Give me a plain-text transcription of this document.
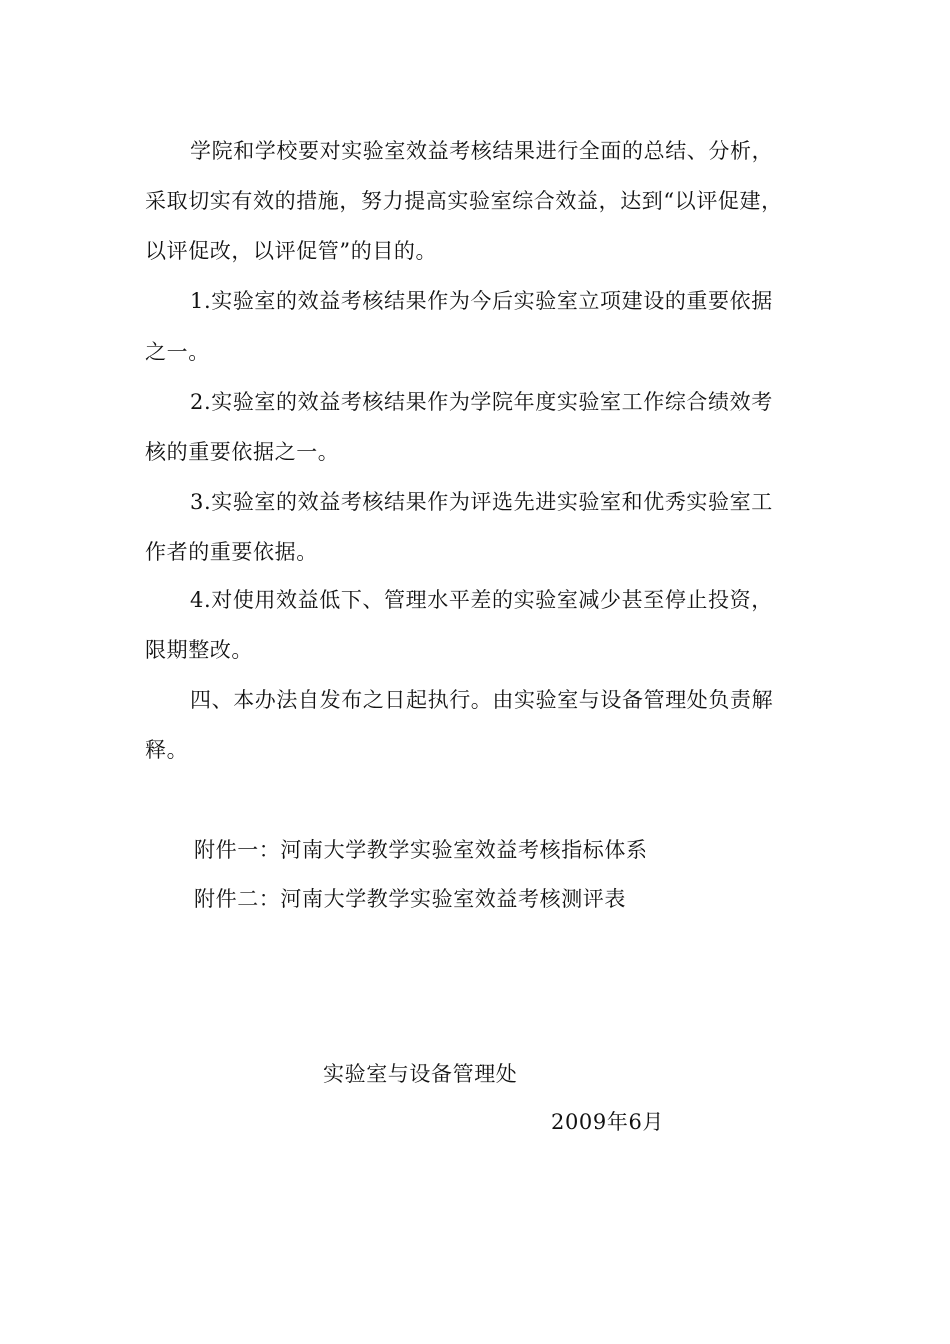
学院和学校要对实验室效益考核结果进行全面的总结、分析，
采取切实有效的措施，努力提高实验室综合效益，达到“以评促建，
以评促改，以评促管”的目的。
1.实验室的效益考核结果作为今后实验室立项建设的重要依据
之一。
2.实验室的效益考核结果作为学院年度实验室工作综合绩效考
核的重要依据之一。
3.实验室的效益考核结果作为评选先进实验室和优秀实验室工
作者的重要依据。
4.对使用效益低下、管理水平差的实验室减少甚至停止投资，
限期整改。
四、本办法自发布之日起执行。由实验室与设备管理处负责解
释。
附件一：河南大学教学实验室效益考核指标体系
附件二：河南大学教学实验室效益考核测评表
实验室与设备管理处
2009年6月
